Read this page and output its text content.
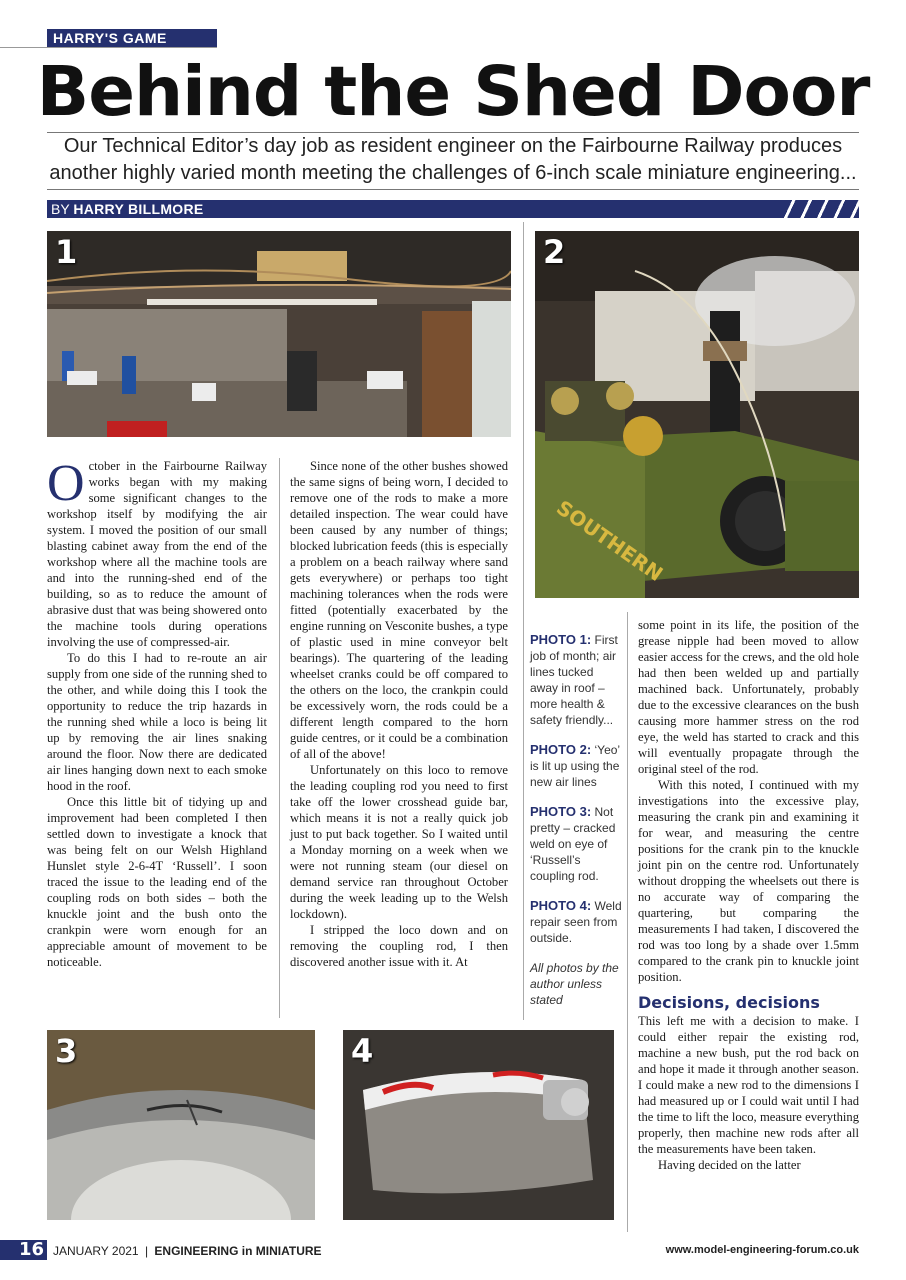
HARRY'S GAME
Behind the Shed Door
Our Technical Editor’s day job as resident engineer on the Fairbourne Railway produces another highly varied month meeting the challenges of 6-inch scale miniature engineering...
BY HARRY BILLMORE
1	2
SOUTHERN

October in the Fairbourne Railway works began with my making some significant changes to the workshop itself by modifying the air system. I moved the position of our small blasting cabinet away from the end of the workshop where all the machine tools are and into the running-shed end of the building, so as to reduce the amount of abrasive dust that was being showered onto the machine tools during operations involving the use of compressed-air.

To do this I had to re-route an air supply from one side of the running shed to the other, and while doing this I took the opportunity to reduce the trip hazards in the running shed while a loco is being lit up by removing the air lines snaking around the floor. Now there are dedicated air lines hanging down next to each smoke hood in the roof.

Once this little bit of tidying up and improvement had been completed I then settled down to investigate a knock that was being felt on our Welsh Highland Hunslet style 2-6-4T ‘Russell’. I soon traced the issue to the leading end of the coupling rods on both sides – both the knuckle joint and the bush onto the crankpin were worn enough for an appreciable amount of movement to be noticeable.

Since none of the other bushes showed the same signs of being worn, I decided to remove one of the rods to make a more detailed inspection. The wear could have been caused by any number of things; blocked lubrication feeds (this is especially a problem on a beach railway where sand gets everywhere) or perhaps too tight machining tolerances when the rods were fitted (potentially exacerbated by the engine running on Vesconite bushes, a type of plastic used in mine conveyor belt bearings). The quartering of the leading wheelset cranks could be off compared to the others on the loco, the crankpin could be excessively worn, the rods could be a different length compared to the horn guide centres, or it could be a combination of all of the above!

Unfortunately on this loco to remove the leading coupling rod you need to first take off the lower crosshead guide bar, which means it is not a really quick job just to put back together. So I waited until a Monday morning on a week when we were not running steam (our diesel on demand service ran throughout October during the week leading up to the Welsh lockdown).

I stripped the loco down and on removing the coupling rod, I then discovered another issue with it. At

PHOTO 1: First job of month; air lines tucked away in roof – more health & safety friendly...
PHOTO 2: ‘Yeo’ is lit up using the new air lines
PHOTO 3: Not pretty – cracked weld on eye of ‘Russell’s coupling rod.
PHOTO 4: Weld repair seen from outside.
All photos by the author unless stated

some point in its life, the position of the grease nipple had been moved to allow easier access for the crews, and the old hole had then been welded up and partially machined back. Unfortunately, probably due to the excessive clearances on the bush causing more hammer stress on the rod eye, the weld has started to crack and this will eventually propagate through the original steel of the rod.

With this noted, I continued with my investigations into the excessive play, measuring the crank pin and examining it for wear, and measuring the centre positions for the crank pin to the knuckle joint pin on the centre rod. Unfortunately without dropping the wheelsets out there is no accurate way of comparing the quartering, but comparing the measurements I had taken, I discovered the rod was too long by a shade over 1.5mm compared to the crank pin to knuckle joint position.

Decisions, decisions

This left me with a decision to make. I could either repair the existing rod, machine a new bush, put the rod back on and hope it made it through another season. I could make a new rod to the dimensions I had measured up or I could wait until I had the time to lift the loco, measure everything properly, then machine new rods after all the measurements have been taken.

Having decided on the latter

3	4
16 JANUARY 2021 | ENGINEERING in MINIATURE	www.model-engineering-forum.co.uk
